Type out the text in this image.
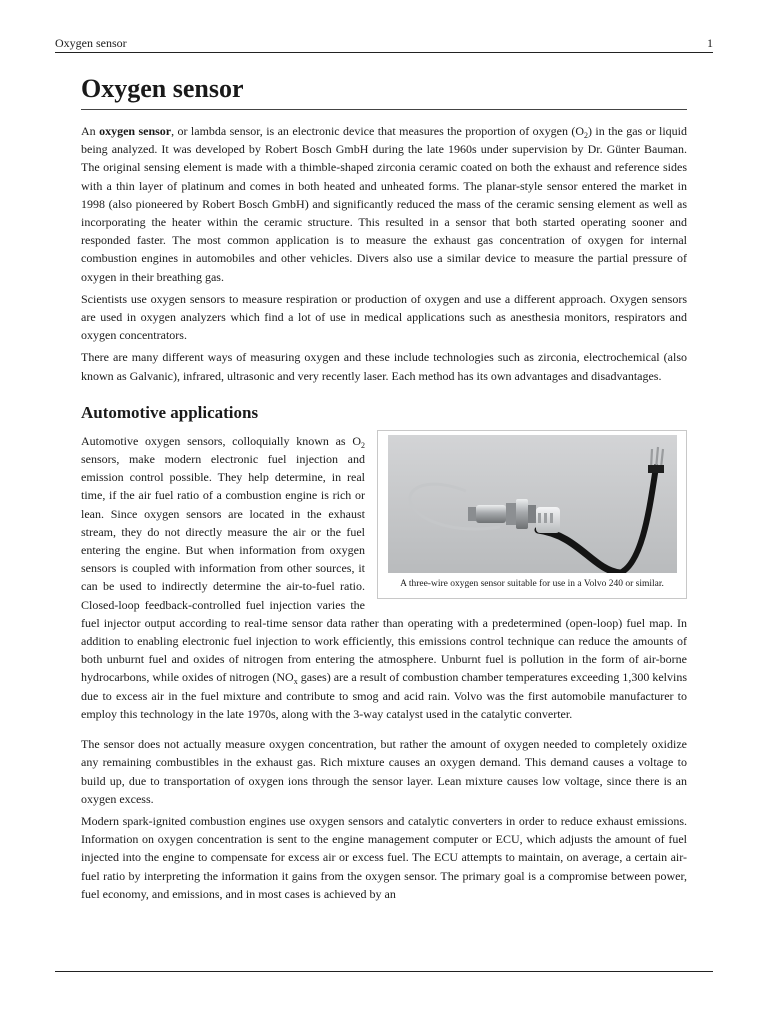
Oxygen sensor	1
Oxygen sensor

An oxygen sensor, or lambda sensor, is an electronic device that measures the proportion of oxygen $(O_2)$ in the gas or liquid being analyzed. It was developed by Robert Bosch GmbH during the late 1960s under supervision by Dr. Günter Bauman. The original sensing element is made with a thimble-shaped zirconia ceramic coated on both the exhaust and reference sides with a thin layer of platinum and comes in both heated and unheated forms. The planar-style sensor entered the market in 1998 (also pioneered by Robert Bosch GmbH) and significantly reduced the mass of the ceramic sensing element as well as incorporating the heater within the ceramic structure. This resulted in a sensor that both started operating sooner and responded faster. The most common application is to measure the exhaust gas concentration of oxygen for internal combustion engines in automobiles and other vehicles. Divers also use a similar device to measure the partial pressure of oxygen in their breathing gas.

Scientists use oxygen sensors to measure respiration or production of oxygen and use a different approach. Oxygen sensors are used in oxygen analyzers which find a lot of use in medical applications such as anesthesia monitors, respirators and oxygen concentrators.

There are many different ways of measuring oxygen and these include technologies such as zirconia, electrochemical (also known as Galvanic), infrared, ultrasonic and very recently laser. Each method has its own advantages and disadvantages.

Automotive applications
A three-wire oxygen sensor suitable for use in a Volvo 240 or similar.

Automotive oxygen sensors, colloquially known as $O_2$ sensors, make modern electronic fuel injection and emission control possible. They help determine, in real time, if the air fuel ratio of a combustion engine is rich or lean. Since oxygen sensors are located in the exhaust stream, they do not directly measure the air or the fuel entering the engine. But when information from oxygen sensors is coupled with information from other sources, it can be used to indirectly determine the air-to-fuel ratio. Closed-loop feedback-controlled fuel injection varies the fuel injector output according to real-time sensor data rather than operating with a predetermined (open-loop) fuel map. In addition to enabling electronic fuel injection to work efficiently, this emissions control technique can reduce the amounts of both unburnt fuel and oxides of nitrogen from entering the atmosphere. Unburnt fuel is pollution in the form of air-borne hydrocarbons, while oxides of nitrogen ($NO_x$ gases) are a result of combustion chamber temperatures exceeding 1,300 kelvins due to excess air in the fuel mixture and contribute to smog and acid rain. Volvo was the first automobile manufacturer to employ this technology in the late 1970s, along with the 3-way catalyst used in the catalytic converter.

The sensor does not actually measure oxygen concentration, but rather the amount of oxygen needed to completely oxidize any remaining combustibles in the exhaust gas. Rich mixture causes an oxygen demand. This demand causes a voltage to build up, due to transportation of oxygen ions through the sensor layer. Lean mixture causes low voltage, since there is an oxygen excess.

Modern spark-ignited combustion engines use oxygen sensors and catalytic converters in order to reduce exhaust emissions. Information on oxygen concentration is sent to the engine management computer or ECU, which adjusts the amount of fuel injected into the engine to compensate for excess air or excess fuel. The ECU attempts to maintain, on average, a certain air-fuel ratio by interpreting the information it gains from the oxygen sensor. The primary goal is a compromise between power, fuel economy, and emissions, and in most cases is achieved by an
